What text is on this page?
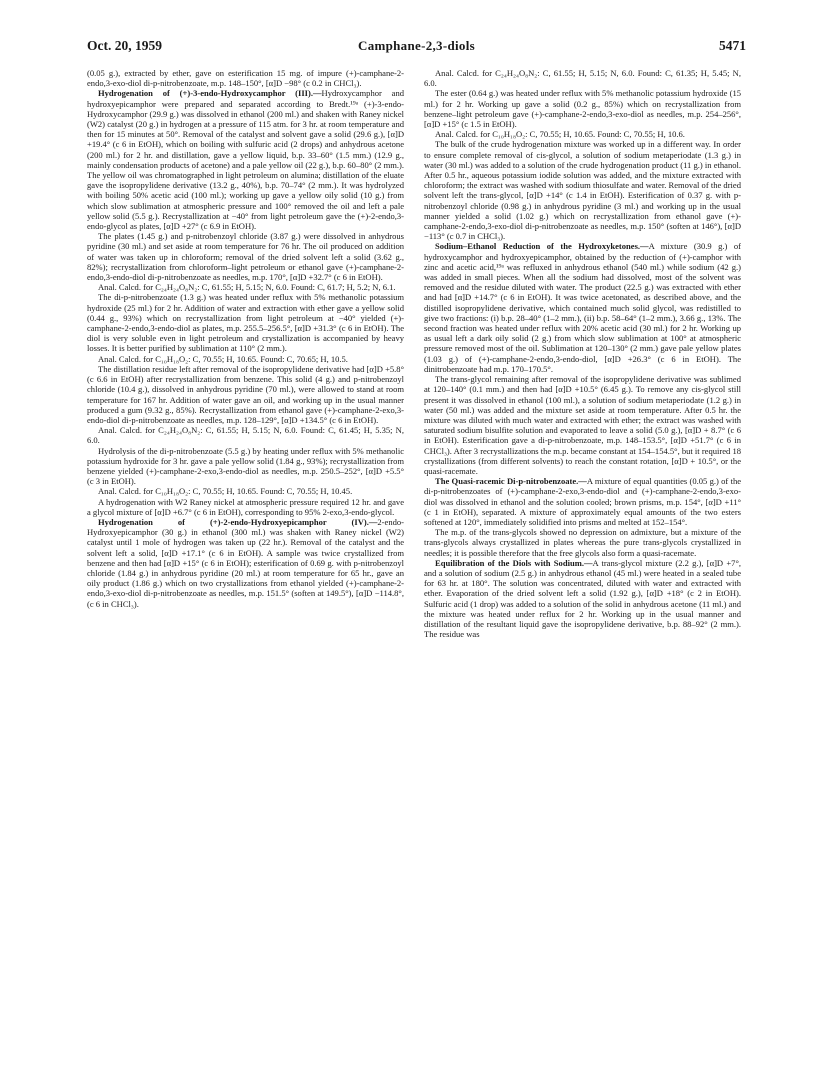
Oct. 20, 1959	Camphane-2,3-diols	5471

(0.05 g.), extracted by ether, gave on esterification 15 mg. of impure (+)-camphane-2-endo,3-exo-diol di-p-nitrobenzoate, m.p. 148–150°, [α]D −98° (c 0.2 in CHCl₃).

Hydrogenation of (+)-3-endo-Hydroxycamphor (III).—Hydroxycamphor and hydroxyepicamphor were prepared and separated according to Bredt.¹⁹ᵃ (+)-3-endo-Hydroxycamphor (29.9 g.) was dissolved in ethanol (200 ml.) and shaken with Raney nickel (W2) catalyst (20 g.) in hydrogen at a pressure of 115 atm. for 3 hr. at room temperature and then for 15 minutes at 50°. Removal of the catalyst and solvent gave a solid (29.6 g.), [α]D +19.4° (c 6 in EtOH), which on boiling with sulfuric acid (2 drops) and anhydrous acetone (200 ml.) for 2 hr. and distillation, gave a yellow liquid, b.p. 33–60° (1.5 mm.) (12.9 g., mainly condensation products of acetone) and a pale yellow oil (22 g.), b.p. 60–80° (2 mm.). The yellow oil was chromatographed in light petroleum on alumina; distillation of the eluate gave the isopropylidene derivative (13.2 g., 40%), b.p. 70–74° (2 mm.). It was hydrolyzed with boiling 50% acetic acid (100 ml.); working up gave a yellow oily solid (10 g.) from which slow sublimation at atmospheric pressure and 100° removed the oil and left a pale yellow solid (5.5 g.). Recrystallization at −40° from light petroleum gave the (+)-2-endo,3-endo-glycol as plates, [α]D +27° (c 6.9 in EtOH).

The plates (1.45 g.) and p-nitrobenzoyl chloride (3.87 g.) were dissolved in anhydrous pyridine (30 ml.) and set aside at room temperature for 76 hr. The oil produced on addition of water was taken up in chloroform; removal of the dried solvent left a solid (3.62 g., 82%); recrystallization from chloroform–light petroleum or ethanol gave (+)-camphane-2-endo,3-endo-diol di-p-nitrobenzoate as needles, m.p. 170°, [α]D +32.7° (c 6 in EtOH).

Anal. Calcd. for C₂₄H₂₄O₈N₂: C, 61.55; H, 5.15; N, 6.0. Found: C, 61.7; H, 5.2; N, 6.1.

The di-p-nitrobenzoate (1.3 g.) was heated under reflux with 5% methanolic potassium hydroxide (25 ml.) for 2 hr. Addition of water and extraction with ether gave a yellow solid (0.44 g., 93%) which on recrystallization from light petroleum at −40° yielded (+)-camphane-2-endo,3-endo-diol as plates, m.p. 255.5–256.5°, [α]D +31.3° (c 6 in EtOH). The diol is very soluble even in light petroleum and crystallization is accompanied by heavy losses. It is better purified by sublimation at 110° (2 mm.).

Anal. Calcd. for C₁₀H₁₈O₂: C, 70.55; H, 10.65. Found: C, 70.65; H, 10.5.

The distillation residue left after removal of the isopropylidene derivative had [α]D +5.8° (c 6.6 in EtOH) after recrystallization from benzene. This solid (4 g.) and p-nitrobenzoyl chloride (10.4 g.), dissolved in anhydrous pyridine (70 ml.), were allowed to stand at room temperature for 167 hr. Addition of water gave an oil, and working up in the usual manner produced a gum (9.32 g., 85%). Recrystallization from ethanol gave (+)-camphane-2-exo,3-endo-diol di-p-nitrobenzoate as needles, m.p. 128–129°, [α]D +134.5° (c 6 in EtOH).

Anal. Calcd. for C₂₄H₂₄O₈N₂: C, 61.55; H, 5.15; N, 6.0. Found: C, 61.45; H, 5.35; N, 6.0.

Hydrolysis of the di-p-nitrobenzoate (5.5 g.) by heating under reflux with 5% methanolic potassium hydroxide for 3 hr. gave a pale yellow solid (1.84 g., 93%); recrystallization from benzene yielded (+)-camphane-2-exo,3-endo-diol as needles, m.p. 250.5–252°, [α]D +5.5° (c 3 in EtOH).

Anal. Calcd. for C₁₀H₁₈O₂: C, 70.55; H, 10.65. Found: C, 70.55; H, 10.45.

A hydrogenation with W2 Raney nickel at atmospheric pressure required 12 hr. and gave a glycol mixture of [α]D +6.7° (c 6 in EtOH), corresponding to 95% 2-exo,3-endo-glycol.

Hydrogenation of (+)-2-endo-Hydroxyepicamphor (IV).—2-endo-Hydroxyepicamphor (30 g.) in ethanol (300 ml.) was shaken with Raney nickel (W2) catalyst until 1 mole of hydrogen was taken up (22 hr.). Removal of the catalyst and the solvent left a solid, [α]D +17.1° (c 6 in EtOH). A sample was twice crystallized from benzene and then had [α]D +15° (c 6 in EtOH); esterification of 0.69 g. with p-nitrobenzoyl chloride (1.84 g.) in anhydrous pyridine (20 ml.) at room temperature for 65 hr., gave an oily product (1.86 g.) which on two crystallizations from ethanol yielded (+)-camphane-2-endo,3-exo-diol di-p-nitrobenzoate as needles, m.p. 151.5° (soften at 149.5°), [α]D −114.8°, (c 6 in CHCl₃).

Anal. Calcd. for C₂₄H₂₄O₈N₂: C, 61.55; H, 5.15; N, 6.0. Found: C, 61.35; H, 5.45; N, 6.0.

The ester (0.64 g.) was heated under reflux with 5% methanolic potassium hydroxide (15 ml.) for 2 hr. Working up gave a solid (0.2 g., 85%) which on recrystallization from benzene–light petroleum gave (+)-camphane-2-endo,3-exo-diol as needles, m.p. 254–256°, [α]D +15° (c 1.5 in EtOH).

Anal. Calcd. for C₁₀H₁₈O₂: C, 70.55; H, 10.65. Found: C, 70.55; H, 10.6.

The bulk of the crude hydrogenation mixture was worked up in a different way. In order to ensure complete removal of cis-glycol, a solution of sodium metaperiodate (1.3 g.) in water (30 ml.) was added to a solution of the crude hydrogenation product (11 g.) in ethanol. After 0.5 hr., aqueous potassium iodide solution was added, and the mixture extracted with chloroform; the extract was washed with sodium thiosulfate and water. Removal of the dried solvent left the trans-glycol, [α]D +14° (c 1.4 in EtOH). Esterification of 0.37 g. with p-nitrobenzoyl chloride (0.98 g.) in anhydrous pyridine (3 ml.) and working up in the usual manner yielded a solid (1.02 g.) which on recrystallization from ethanol gave (+)-camphane-2-endo,3-exo-diol di-p-nitrobenzoate as needles, m.p. 150° (soften at 146°), [α]D −113° (c 0.7 in CHCl₃).

Sodium–Ethanol Reduction of the Hydroxyketones.—A mixture (30.9 g.) of hydroxycamphor and hydroxyepicamphor, obtained by the reduction of (+)-camphor with zinc and acetic acid,¹⁹ᵃ was refluxed in anhydrous ethanol (540 ml.) while sodium (42 g.) was added in small pieces. When all the sodium had dissolved, most of the solvent was removed and the residue diluted with water. The product (22.5 g.) was extracted with ether and had [α]D +14.7° (c 6 in EtOH). It was twice acetonated, as described above, and the distilled isopropylidene derivative, which contained much solid glycol, was redistilled to give two fractions: (i) b.p. 28–40° (1–2 mm.), (ii) b.p. 58–64° (1–2 mm.), 3.66 g., 13%. The second fraction was heated under reflux with 20% acetic acid (30 ml.) for 2 hr. Working up as usual left a dark oily solid (2 g.) from which slow sublimation at 100° at atmospheric pressure removed most of the oil. Sublimation at 120–130° (2 mm.) gave pale yellow plates (1.03 g.) of (+)-camphane-2-endo,3-endo-diol, [α]D +26.3° (c 6 in EtOH). The dinitrobenzoate had m.p. 170–170.5°.

The trans-glycol remaining after removal of the isopropylidene derivative was sublimed at 120–140° (0.1 mm.) and then had [α]D +10.5° (6.45 g.). To remove any cis-glycol still present it was dissolved in ethanol (100 ml.), a solution of sodium metaperiodate (1.2 g.) in water (50 ml.) was added and the mixture set aside at room temperature. After 0.5 hr. the mixture was diluted with much water and extracted with ether; the extract was washed with saturated sodium bisulfite solution and evaporated to leave a solid (5.0 g.), [α]D + 8.7° (c 6 in EtOH). Esterification gave a di-p-nitrobenzoate, m.p. 148–153.5°, [α]D +51.7° (c 6 in CHCl₃). After 3 recrystallizations the m.p. became constant at 154–154.5°, but it required 18 crystallizations (from different solvents) to reach the constant rotation, [α]D + 10.5°, or the quasi-racemate.

The Quasi-racemic Di-p-nitrobenzoate.—A mixture of equal quantities (0.05 g.) of the di-p-nitrobenzoates of (+)-camphane-2-exo,3-endo-diol and (+)-camphane-2-endo,3-exo-diol was dissolved in ethanol and the solution cooled; brown prisms, m.p. 154°, [α]D +11° (c 1 in EtOH), separated. A mixture of approximately equal amounts of the two esters softened at 120°, immediately solidified into prisms and melted at 152–154°.

The m.p. of the trans-glycols showed no depression on admixture, but a mixture of the trans-glycols always crystallized in plates whereas the pure trans-glycols crystallized in needles; it is possible therefore that the free glycols also form a quasi-racemate.

Equilibration of the Diols with Sodium.—A trans-glycol mixture (2.2 g.), [α]D +7°, and a solution of sodium (2.5 g.) in anhydrous ethanol (45 ml.) were heated in a sealed tube for 63 hr. at 180°. The solution was concentrated, diluted with water and extracted with ether. Evaporation of the dried solvent left a solid (1.92 g.), [α]D +18° (c 2 in EtOH). Sulfuric acid (1 drop) was added to a solution of the solid in anhydrous acetone (11 ml.) and the mixture was heated under reflux for 2 hr. Working up in the usual manner and distillation of the resultant liquid gave the isopropylidene derivative, b.p. 88–92° (2 mm.). The residue was
